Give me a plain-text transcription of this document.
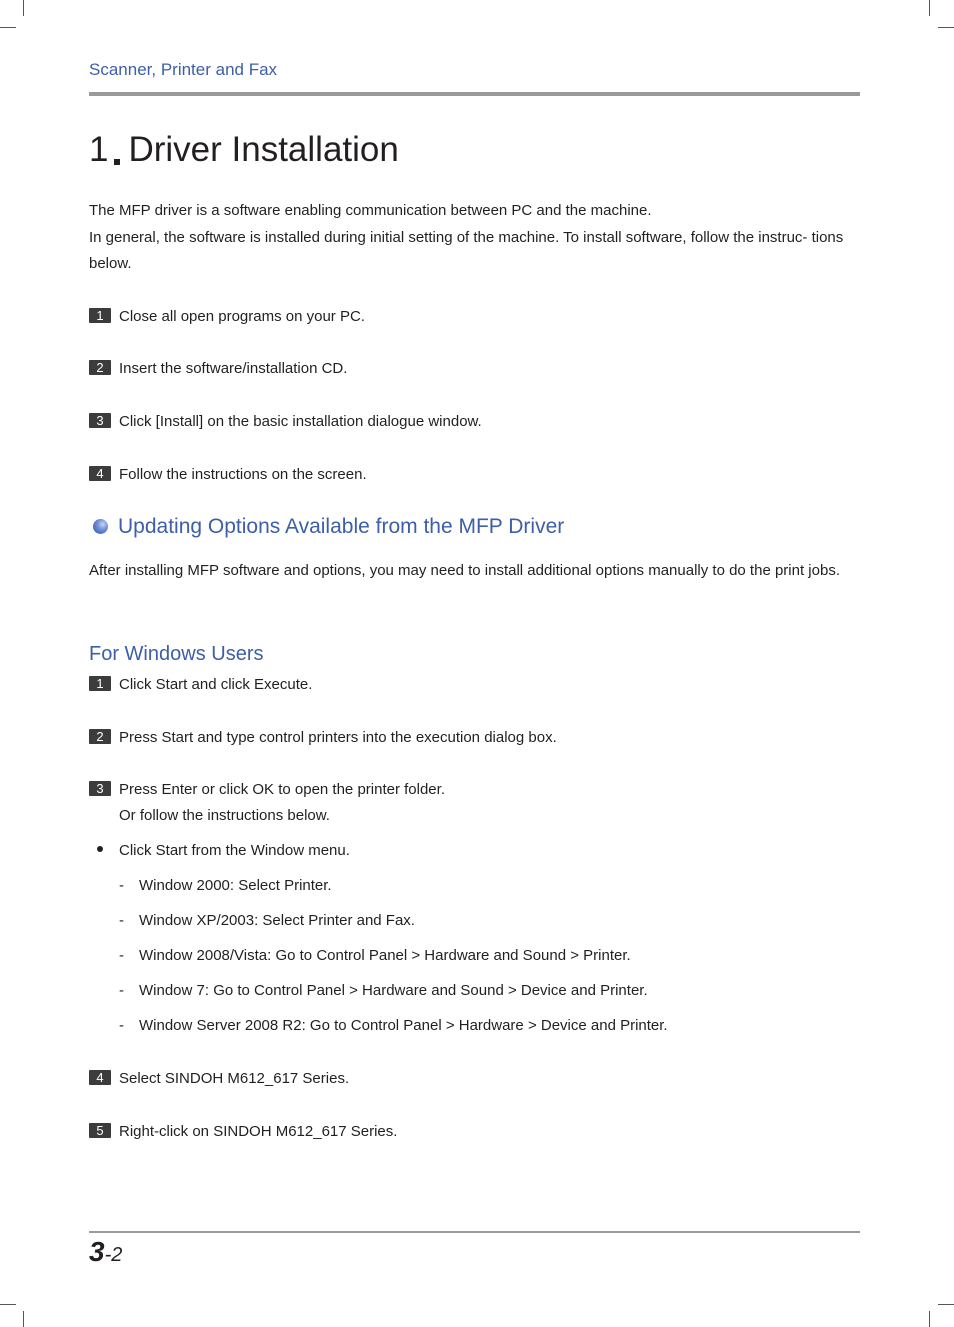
Scanner, Printer and Fax
1 Driver Installation
The MFP driver is a software enabling communication between PC and the machine.
In general, the software is installed during initial setting of the machine. To install software, follow the instruc- tions below.
1 Close all open programs on your PC.
2 Insert the software/installation CD.
3 Click [Install] on the basic installation dialogue window.
4 Follow the instructions on the screen.
Updating Options Available from the MFP Driver
After installing MFP software and options, you may need to install additional options manually to do the print jobs.
For Windows Users
1 Click Start and click Execute.
2 Press Start and type control printers into the execution dialog box.
3 Press Enter or click OK to open the printer folder.
Or follow the instructions below.
Click Start from the Window menu.
- Window 2000: Select Printer.
- Window XP/2003: Select Printer and Fax.
- Window 2008/Vista: Go to Control Panel > Hardware and Sound > Printer.
- Window 7: Go to Control Panel > Hardware and Sound > Device and Printer.
- Window Server 2008 R2: Go to Control Panel > Hardware > Device and Printer.
4 Select SINDOH M612_617 Series.
5 Right-click on SINDOH M612_617 Series.
3-2
